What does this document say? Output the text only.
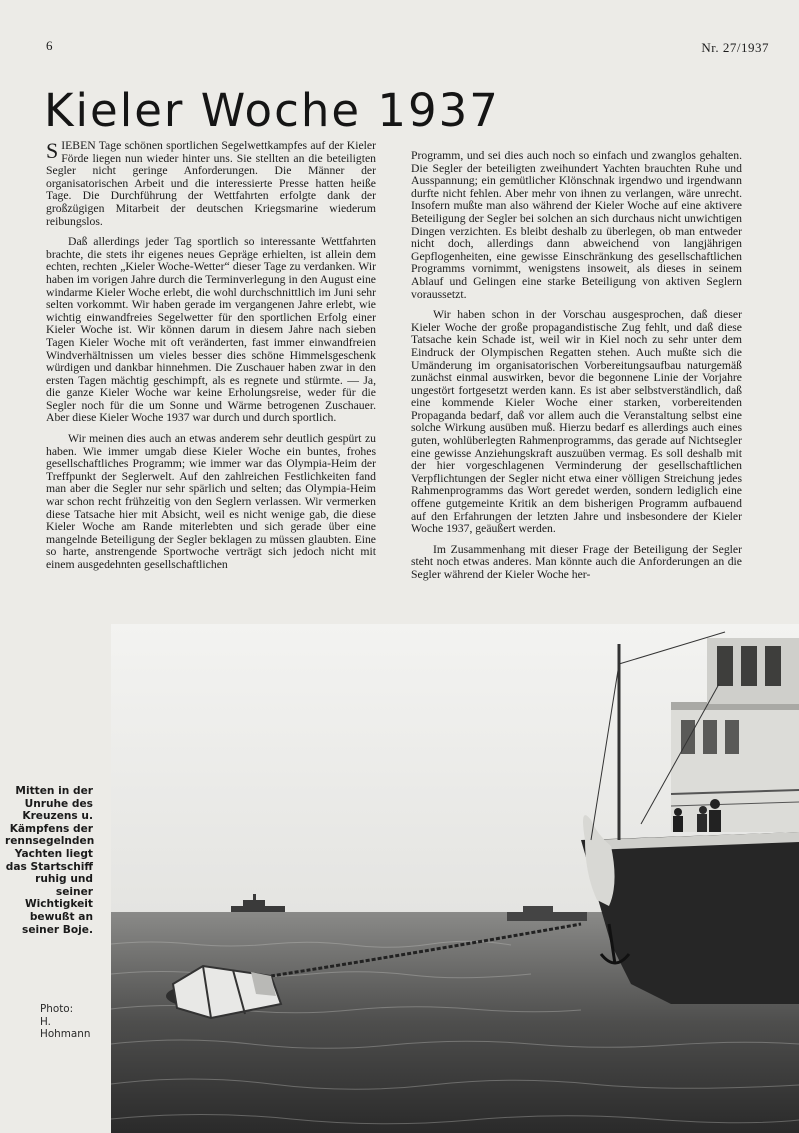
6	Nr. 27/1937
Kieler Woche 1937

SIEBEN Tage schönen sportlichen Segelwettkampfes auf der Kieler Förde liegen nun wieder hinter uns. Sie stellten an die beteiligten Segler nicht geringe Anforderungen. Die Männer der organisatorischen Arbeit und die interessierte Presse hatten heiße Tage. Die Durchführung der Wettfahrten erfolgte dank der großzügigen Mitarbeit der deutschen Kriegsmarine wiederum reibungslos.

Daß allerdings jeder Tag sportlich so interessante Wettfahrten brachte, die stets ihr eigenes neues Gepräge erhielten, ist allein dem echten, rechten „Kieler Woche-Wetter“ dieser Tage zu verdanken. Wir haben im vorigen Jahre durch die Terminverlegung in den August eine windarme Kieler Woche erlebt, die wohl durchschnittlich im Juni sehr selten vorkommt. Wir haben gerade im vergangenen Jahre erlebt, wie wichtig einwandfreies Segelwetter für den sportlichen Erfolg einer Kieler Woche ist. Wir können darum in diesem Jahre nach sieben Tagen Kieler Woche mit oft veränderten, fast immer einwandfreien Windverhältnissen um vieles besser dies schöne Himmelsgeschenk würdigen und dankbar hinnehmen. Die Zuschauer haben zwar in den ersten Tagen mächtig geschimpft, als es regnete und stürmte. — Ja, die ganze Kieler Woche war keine Erholungsreise, weder für die Segler noch für die um Sonne und Wärme betrogenen Zuschauer. Aber diese Kieler Woche 1937 war durch und durch sportlich.

Wir meinen dies auch an etwas anderem sehr deutlich gespürt zu haben. Wie immer umgab diese Kieler Woche ein buntes, frohes gesellschaftliches Programm; wie immer war das Olympia-Heim der Treffpunkt der Seglerwelt. Auf den zahlreichen Festlichkeiten fand man aber die Segler nur sehr spärlich und selten; das Olympia-Heim war schon recht frühzeitig von den Seglern verlassen. Wir vermerken diese Tatsache hier mit Absicht, weil es nicht wenige gab, die diese Kieler Woche am Rande miterlebten und sich gerade über eine mangelnde Beteiligung der Segler beklagen zu müssen glaubten. Eine so harte, anstrengende Sportwoche verträgt sich jedoch nicht mit einem ausgedehnten gesellschaftlichen

Programm, und sei dies auch noch so einfach und zwanglos gehalten. Die Segler der beteiligten zweihundert Yachten brauchten Ruhe und Ausspannung; ein gemütlicher Klönschnak irgendwo und irgendwann durfte nicht fehlen. Aber mehr von ihnen zu verlangen, wäre unrecht. Insofern mußte man also während der Kieler Woche auf eine aktivere Beteiligung der Segler bei solchen an sich durchaus nicht unwichtigen Dingen verzichten. Es bleibt deshalb zu überlegen, ob man entweder nicht doch, allerdings dann abweichend von langjährigen Gepflogenheiten, eine gewisse Einschränkung des gesellschaftlichen Programms vornimmt, wenigstens insoweit, als dieses in seinem Ablauf und Gelingen eine starke Beteiligung von aktiven Seglern voraussetzt.

Wir haben schon in der Vorschau ausgesprochen, daß dieser Kieler Woche der große propagandistische Zug fehlt, und daß diese Tatsache kein Schade ist, weil wir in Kiel noch zu sehr unter dem Eindruck der Olympischen Regatten stehen. Auch mußte sich die Umänderung im organisatorischen Vorbereitungsaufbau naturgemäß zunächst einmal auswirken, bevor die begonnene Linie der Vorjahre ungestört fortgesetzt werden kann. Es ist aber selbstverständlich, daß eine kommende Kieler Woche einer starken, vorbereitenden Propaganda bedarf, daß vor allem auch die Veranstaltung selbst eine solche Wirkung ausüben muß. Hierzu bedarf es allerdings auch eines guten, wohlüberlegten Rahmenprogramms, das gerade auf Nichtsegler eine gewisse Anziehungskraft auszuüben vermag. Es soll deshalb mit der hier vorgeschlagenen Verminderung der gesellschaftlichen Verpflichtungen der Segler nicht etwa einer völligen Streichung jedes Rahmenprogramms das Wort geredet werden, sondern lediglich eine offene gutgemeinte Kritik an dem bisherigen Programm aufbauend auf den Erfahrungen der letzten Jahre und insbesondere der Kieler Woche 1937, geäußert werden.

Im Zusammenhang mit dieser Frage der Beteiligung der Segler steht noch etwas anderes. Man könnte auch die Anforderungen an die Segler während der Kieler Woche her-

Mitten in der Unruhe des Kreuzens u. Kämpfens der rennsegelnden Yachten liegt das Startschiff ruhig und seiner Wichtigkeit bewußt an seiner Boje.
Photo:
H. Hohmann
